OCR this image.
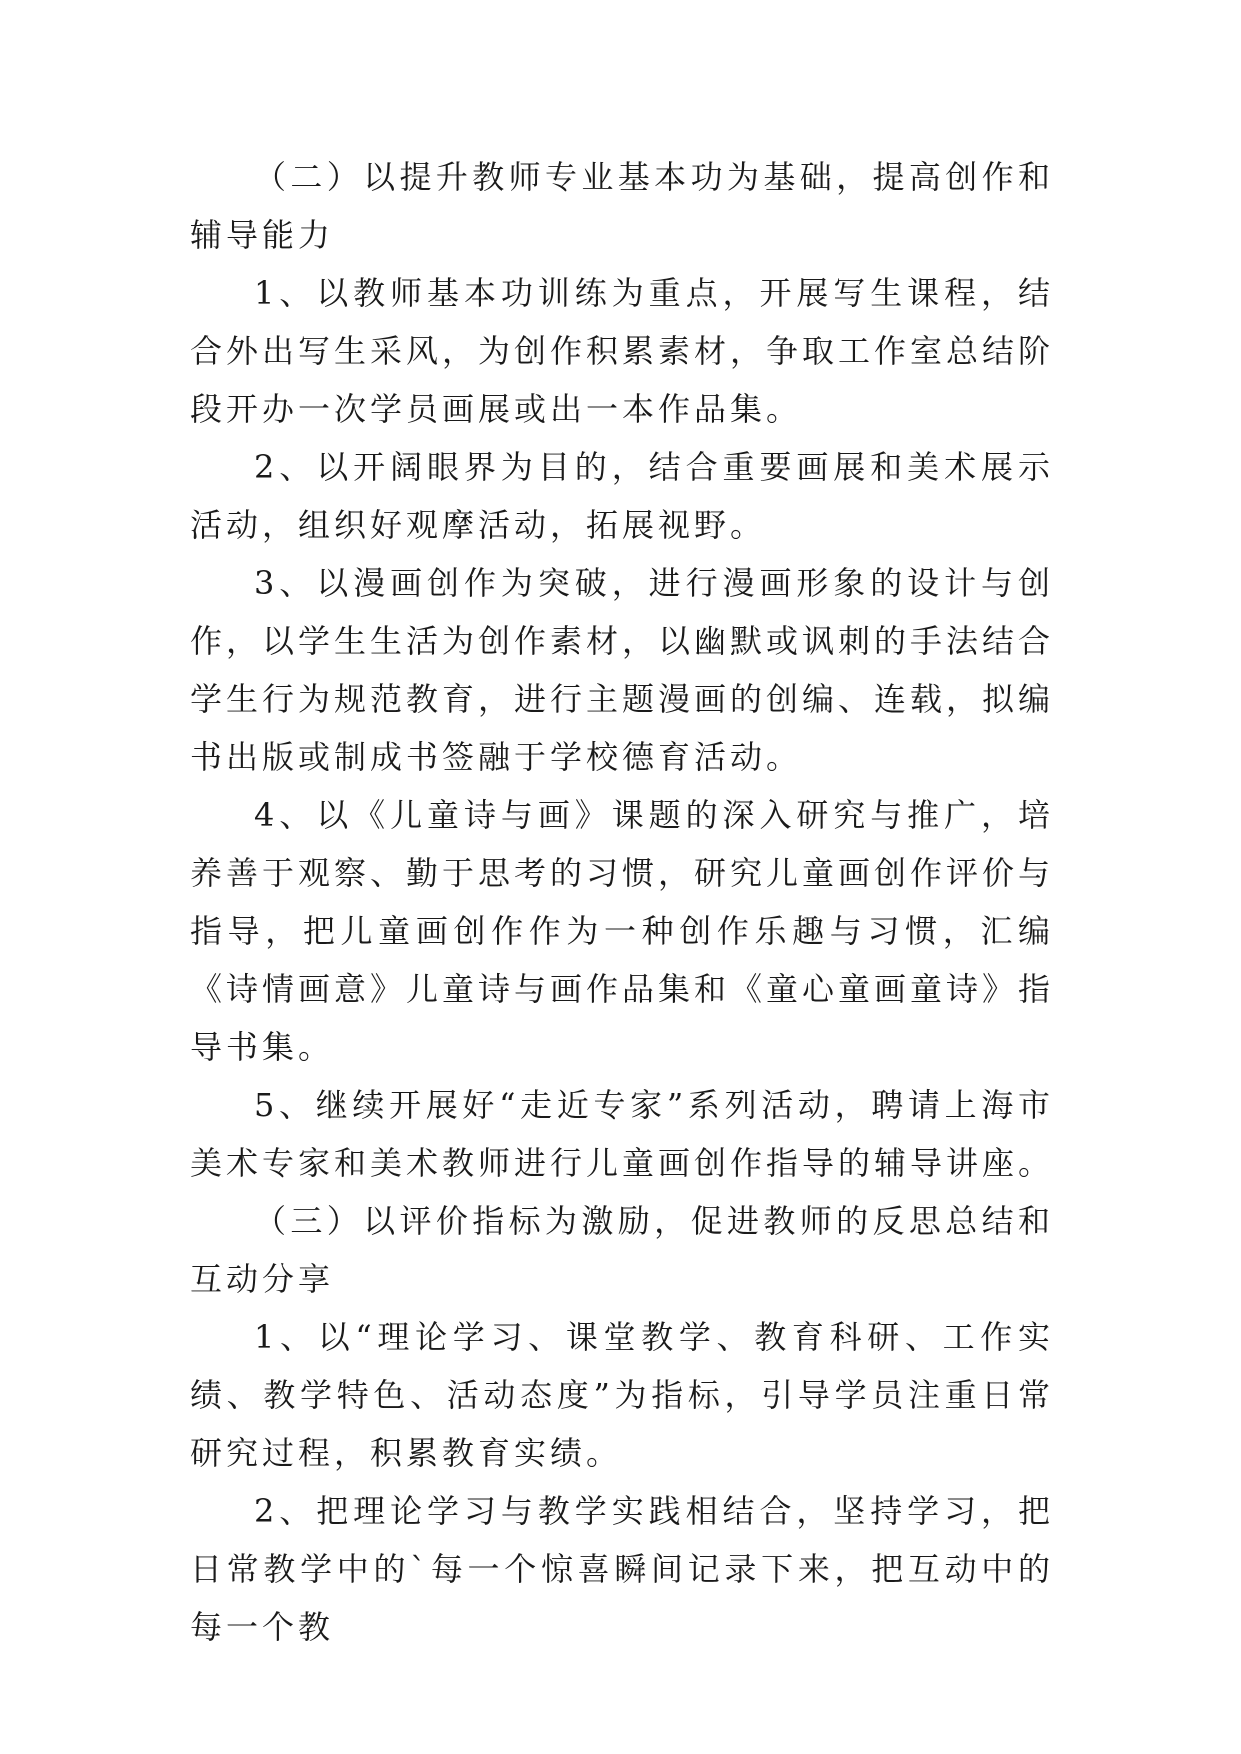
（二）以提升教师专业基本功为基础，提高创作和辅导能力

1、以教师基本功训练为重点，开展写生课程，结合外出写生采风，为创作积累素材，争取工作室总结阶段开办一次学员画展或出一本作品集。

2、以开阔眼界为目的，结合重要画展和美术展示活动，组织好观摩活动，拓展视野。

3、以漫画创作为突破，进行漫画形象的设计与创作，以学生生活为创作素材，以幽默或讽刺的手法结合学生行为规范教育，进行主题漫画的创编、连载，拟编书出版或制成书签融于学校德育活动。

4、以《儿童诗与画》课题的深入研究与推广，培养善于观察、勤于思考的习惯，研究儿童画创作评价与指导，把儿童画创作作为一种创作乐趣与习惯，汇编《诗情画意》儿童诗与画作品集和《童心童画童诗》指导书集。

5、继续开展好“走近专家”系列活动，聘请上海市美术专家和美术教师进行儿童画创作指导的辅导讲座。

（三）以评价指标为激励，促进教师的反思总结和互动分享

1、以“理论学习、课堂教学、教育科研、工作实绩、教学特色、活动态度”为指标，引导学员注重日常研究过程，积累教育实绩。

2、把理论学习与教学实践相结合，坚持学习，把日常教学中的`每一个惊喜瞬间记录下来，把互动中的每一个教
